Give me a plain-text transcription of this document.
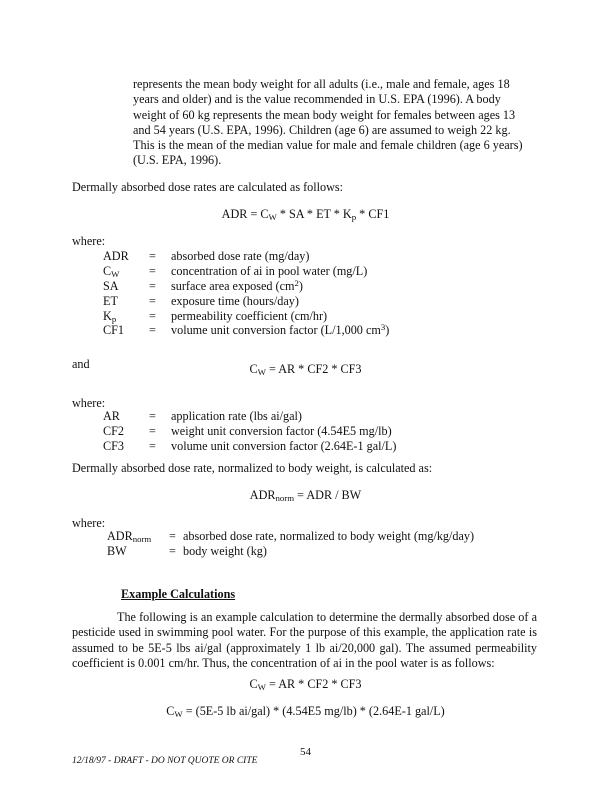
represents the mean body weight for all adults (i.e., male and female, ages 18 years and older) and is the value recommended in U.S. EPA (1996). A body weight of 60 kg represents the mean body weight for females between ages 13 and 54 years (U.S. EPA, 1996). Children (age 6) are assumed to weigh 22 kg. This is the mean of the median value for male and female children (age 6 years) (U.S. EPA, 1996).

Dermally absorbed dose rates are calculated as follows:

ADR = $C_W$ * SA * ET * $K_p * CF1$

where:

ADR	=	absorbed dose rate (mg/day)
$C_W$	=	concentration of ai in pool water (mg/L)
SA	=	surface area exposed $(cm^2)$
ET	=	exposure time (hours/day)
$K_p$	=	permeability coefficient (cm/hr)
CF1	=	volume unit conversion factor (L/1,000 $cm^3$)

and	$C_W$ = AR * CF2 * CF3

where:

AR	=	application rate (lbs ai/gal)
CF2	=	weight unit conversion factor (4.54E5 mg/lb)
CF3	=	volume unit conversion factor (2.64E-1 gal/L)

Dermally absorbed dose rate, normalized to body weight, is calculated as:

$ADR_{norm}$ = ADR / BW

where:

$ADR_{norm}$	=	absorbed dose rate, normalized to body weight (mg/kg/day)
BW	=	body weight (kg)

Example Calculations

The following is an example calculation to determine the dermally absorbed dose of a pesticide used in swimming pool water. For the purpose of this example, the application rate is assumed to be 5E-5 lbs ai/gal (approximately 1 lb ai/20,000 gal). The assumed permeability coefficient is 0.001 cm/hr. Thus, the concentration of ai in the pool water is as follows:

$C_W$ = AR * CF2 * CF3

$C_W = (5E-5$ lb ai/gal) * (4.54E5 mg/lb) * (2.64E-1 gal/L)

54

12/18/97 - DRAFT - DO NOT QUOTE OR CITE
